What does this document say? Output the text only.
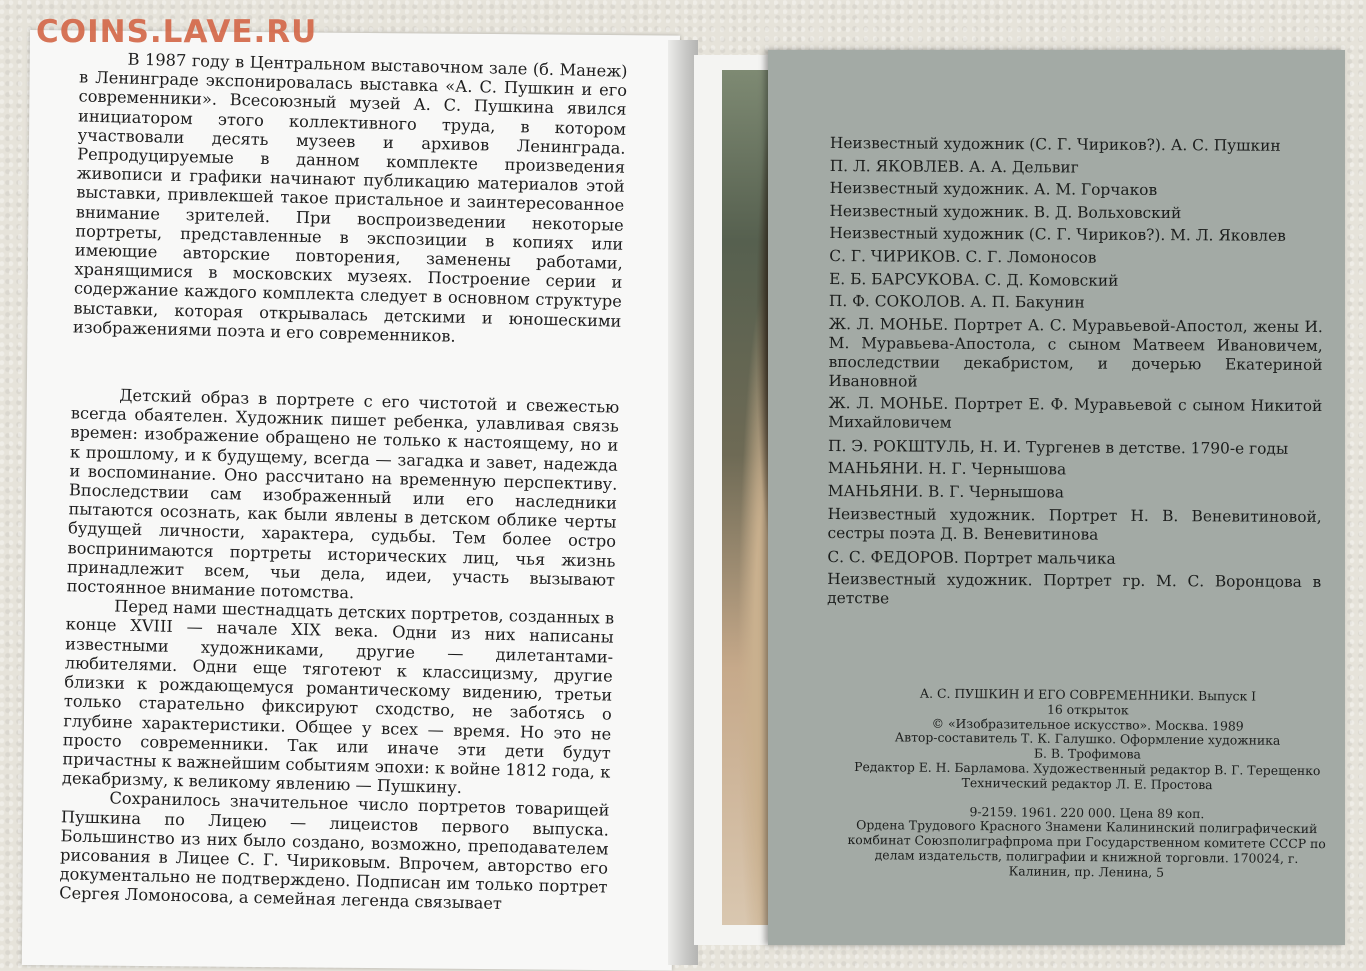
COINS.LAVE.RU

В 1987 году в Центральном выставочном зале (б. Манеж) в Ленинграде экспонировалась выставка «А. С. Пушкин и его современники». Всесоюзный музей А. С. Пушкина явился инициатором этого коллективного труда, в котором участвовали десять музеев и архивов Ленинграда. Репродуцируемые в данном комплекте произведения живописи и графики начинают публикацию материалов этой выставки, привлекшей такое пристальное и заинтересованное внимание зрителей. При воспроизведении некоторые портреты, представленные в экспозиции в копиях или имеющие авторские повторения, заменены работами, хранящимися в московских музеях. Построение серии и содержание каждого комплекта следует в основном структуре выставки, которая открывалась детскими и юношескими изображениями поэта и его современников.

Детский образ в портрете с его чистотой и свежестью всегда обаятелен. Художник пишет ребенка, улавливая связь времен: изображение обращено не только к настоящему, но и к прошлому, и к будущему, всегда — загадка и завет, надежда и воспоминание. Оно рассчитано на временную перспективу. Впоследствии сам изображенный или его наследники пытаются осознать, как были явлены в детском облике черты будущей личности, характера, судьбы. Тем более остро воспринимаются портреты исторических лиц, чья жизнь принадлежит всем, чьи дела, идеи, участь вызывают постоянное внимание потомства.

Перед нами шестнадцать детских портретов, созданных в конце XVIII — начале XIX века. Одни из них написаны известными художниками, другие — дилетантами-любителями. Одни еще тяготеют к классицизму, другие близки к рождающемуся романтическому видению, третьи только старательно фиксируют сходство, не заботясь о глубине характеристики. Общее у всех — время. Но это не просто современники. Так или иначе эти дети будут причастны к важнейшим событиям эпохи: к войне 1812 года, к декабризму, к великому явлению — Пушкину.

Сохранилось значительное число портретов товарищей Пушкина по Лицею — лицеистов первого выпуска. Большинство из них было создано, возможно, преподавателем рисования в Лицее С. Г. Чириковым. Впрочем, авторство его документально не подтверждено. Подписан им только портрет Сергея Ломоносова, а семейная легенда связывает

Неизвестный художник (С. Г. Чириков?). А. С. Пушкин
П. Л. ЯКОВЛЕВ. А. А. Дельвиг
Неизвестный художник. А. М. Горчаков
Неизвестный художник. В. Д. Вольховский
Неизвестный художник (С. Г. Чириков?). М. Л. Яковлев
С. Г. ЧИРИКОВ. С. Г. Ломоносов
Е. Б. БАРСУКОВА. С. Д. Комовский
П. Ф. СОКОЛОВ. А. П. Бакунин
Ж. Л. МОНЬЕ. Портрет А. С. Муравьевой-Апостол, жены И. М. Муравьева-Апостола, с сыном Матвеем Ивановичем, впоследствии декабристом, и дочерью Екатериной Ивановной
Ж. Л. МОНЬЕ. Портрет Е. Ф. Муравьевой с сыном Никитой Михайловичем
П. Э. РОКШТУЛЬ, Н. И. Тургенев в детстве. 1790-е годы
МАНЬЯНИ. Н. Г. Чернышова
МАНЬЯНИ. В. Г. Чернышова
Неизвестный художник. Портрет Н. В. Веневитиновой, сестры поэта Д. В. Веневитинова
С. С. ФЕДОРОВ. Портрет мальчика
Неизвестный художник. Портрет гр. М. С. Воронцова в детстве
А. С. ПУШКИН И ЕГО СОВРЕМЕННИКИ. Выпуск I
16 открыток
© «Изобразительное искусство». Москва. 1989
Автор-составитель Т. К. Галушко. Оформление художника
Б. В. Трофимова
Редактор Е. Н. Барламова. Художественный редактор В. Г. Терещенко
Технический редактор Л. Е. Простова
9-2159. 1961. 220 000. Цена 89 коп.
Ордена Трудового Красного Знамени Калининский полиграфический комбинат Союзполиграфпрома при Государственном комитете СССР по делам издательств, полиграфии и книжной торговли. 170024, г. Калинин, пр. Ленина, 5
